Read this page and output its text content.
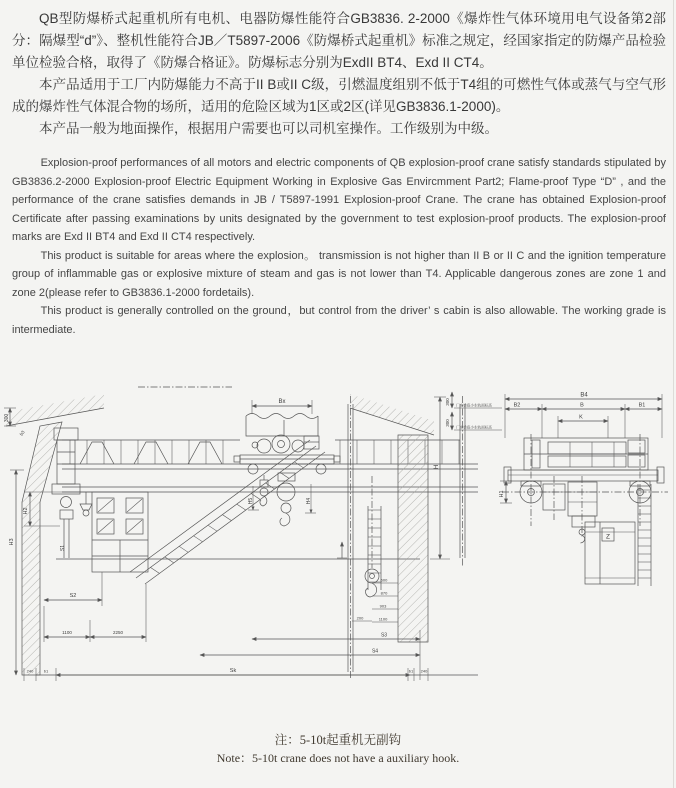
QB型防爆桥式起重机所有电机、电器防爆性能符合GB3836. 2-2000《爆炸性气体环境用电气设备第2部分：隔爆型“d”》、整机性能符合JB／T5897-2006《防爆桥式起重机》标准之规定，经国家指定的防爆产品检验单位检验合格，取得了《防爆合格证》。防爆标志分别为ExdII BT4、Exd II CT4。

本产品适用于工厂内防爆能力不高于II B或II C级，引燃温度组别不低于T4组的可燃性气体或蒸气与空气形成的爆炸性气体混合物的场所，适用的危险区域为1区或2区(详见GB3836.1-2000)。

本产品一般为地面操作，根据用户需要也可以司机室操作。工作级别为中级。

Explosion-proof performances of all motors and electric components of QB explosion-proof crane satisfy standards stipulated by GB3836.2-2000 Explosion-proof Electric Equipment Working in Explosive Gas Envircmment Part2; Flame-proof Type “D” , and the performance of the crane satisfies demands in JB / T5897-1991 Explosion-proof Crane. The crane has obtained Explosion-proof Certificate after passing examinations by units designated by the government to test explosion-proof products. The explosion-proof marks are Exd II BT4 and Exd II CT4 respectively.

This product is suitable for areas where the explosion。 transmission is not higher than II B or II C and the ignition temperature group of inflammable gas or explosive mixture of steam and gas is not lower than T4. Applicable dangerous zones are zone 1 and zone 2(please refer to GB3836.1-2000 fordetails).

This product is generally controlled on the ground，but control from the driver’ s cabin is also allowable. The working grade is intermediate.

Bx
300
b3
H2
H3
S1
S2
1100	2250
240	b1	Sk
H5	H4
600
870
903
1100
200
S3
S4
b1 240
300
300
H
厂房梁底小车轨面标高
厂房梁底小车轨面标高
B4
B2	B	B1
K
H1
Z

注：5-10t起重机无副钩

Note：5-10t crane does not have a auxiliary hook.
